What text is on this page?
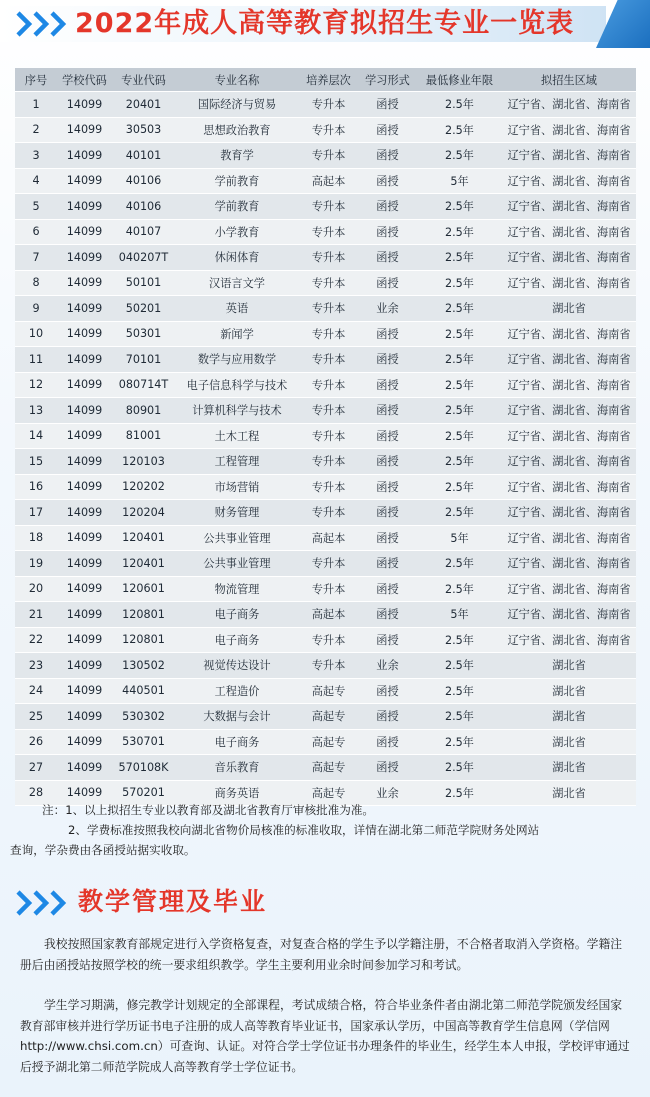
2022年成人高等教育拟招生专业一览表
序号	学校代码	专业代码	专业名称	培养层次	学习形式	最低修业年限	拟招生区域
1	14099	20401	国际经济与贸易	专升本	函授	2.5年	辽宁省、湖北省、海南省
2	14099	30503	思想政治教育	专升本	函授	2.5年	辽宁省、湖北省、海南省
3	14099	40101	教育学	专升本	函授	2.5年	辽宁省、湖北省、海南省
4	14099	40106	学前教育	高起本	函授	5年	辽宁省、湖北省、海南省
5	14099	40106	学前教育	专升本	函授	2.5年	辽宁省、湖北省、海南省
6	14099	40107	小学教育	专升本	函授	2.5年	辽宁省、湖北省、海南省
7	14099	040207T	休闲体育	专升本	函授	2.5年	辽宁省、湖北省、海南省
8	14099	50101	汉语言文学	专升本	函授	2.5年	辽宁省、湖北省、海南省
9	14099	50201	英语	专升本	业余	2.5年	湖北省
10	14099	50301	新闻学	专升本	函授	2.5年	辽宁省、湖北省、海南省
11	14099	70101	数学与应用数学	专升本	函授	2.5年	辽宁省、湖北省、海南省
12	14099	080714T	电子信息科学与技术	专升本	函授	2.5年	辽宁省、湖北省、海南省
13	14099	80901	计算机科学与技术	专升本	函授	2.5年	辽宁省、湖北省、海南省
14	14099	81001	土木工程	专升本	函授	2.5年	辽宁省、湖北省、海南省
15	14099	120103	工程管理	专升本	函授	2.5年	辽宁省、湖北省、海南省
16	14099	120202	市场营销	专升本	函授	2.5年	辽宁省、湖北省、海南省
17	14099	120204	财务管理	专升本	函授	2.5年	辽宁省、湖北省、海南省
18	14099	120401	公共事业管理	高起本	函授	5年	辽宁省、湖北省、海南省
19	14099	120401	公共事业管理	专升本	函授	2.5年	辽宁省、湖北省、海南省
20	14099	120601	物流管理	专升本	函授	2.5年	辽宁省、湖北省、海南省
21	14099	120801	电子商务	高起本	函授	5年	辽宁省、湖北省、海南省
22	14099	120801	电子商务	专升本	函授	2.5年	辽宁省、湖北省、海南省
23	14099	130502	视觉传达设计	专升本	业余	2.5年	湖北省
24	14099	440501	工程造价	高起专	函授	2.5年	湖北省
25	14099	530302	大数据与会计	高起专	函授	2.5年	湖北省
26	14099	530701	电子商务	高起专	函授	2.5年	湖北省
27	14099	570108K	音乐教育	高起专	函授	2.5年	湖北省
28	14099	570201	商务英语	高起专	业余	2.5年	湖北省

注：1、以上拟招生专业以教育部及湖北省教育厅审核批准为准。

2、学费标准按照我校向湖北省物价局核准的标准收取，详情在湖北第二师范学院财务处网站

查询，学杂费由各函授站据实收取。

教学管理及毕业

我校按照国家教育部规定进行入学资格复查，对复查合格的学生予以学籍注册，不合格者取消入学资格。学籍注册后由函授站按照学校的统一要求组织教学。学生主要利用业余时间参加学习和考试。

学生学习期满，修完教学计划规定的全部课程，考试成绩合格，符合毕业条件者由湖北第二师范学院颁发经国家教育部审核并进行学历证书电子注册的成人高等教育毕业证书，国家承认学历，中国高等教育学生信息网（学信网http://www.chsi.com.cn）可查询、认证。对符合学士学位证书办理条件的毕业生，经学生本人申报，学校评审通过后授予湖北第二师范学院成人高等教育学士学位证书。
